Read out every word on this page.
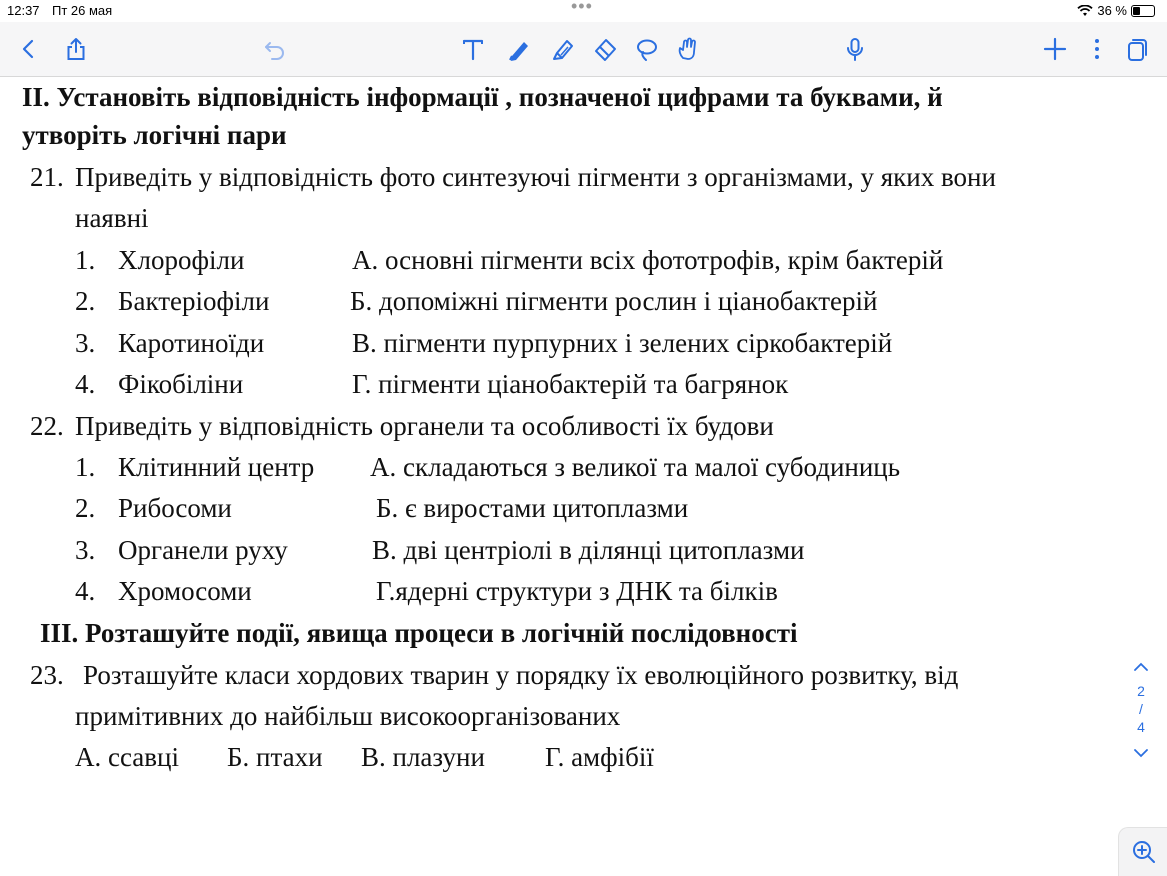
12:37 Пт 26 мая	•••	36 %
II. Установіть відповідність інформації , позначеної цифрами та буквами, й
утворіть логічні пари
21. Приведіть у відповідність фото синтезуючі пігменти з організмами, у яких вони
наявні
1. Хлорофіли	А. основні пігменти всіх фототрофів, крім бактерій
2. Бактеріофіли	Б. допоміжні пігменти рослин і ціанобактерій
3. Каротиноїди	В. пігменти пурпурних і зелених сіркобактерій
4. Фікобіліни	Г. пігменти ціанобактерій та багрянок
22. Приведіть у відповідність органели та особливості їх будови
1. Клітинний центр А. складаються з великої та малої субодиниць
2. Рибосоми	Б. є виростами цитоплазми
3. Органели руху	В. дві центріолі в ділянці цитоплазми
4. Хромосоми	Г.ядерні структури з ДНК та білків
III. Розташуйте події, явища процеси в логічній послідовності
23. Розташуйте класи хордових тварин у порядку їх еволюційного розвитку, від
примітивних до найбільш високоорганізованих
А. ссавці Б. птахи В. плазуни Г. амфібії
2
/
4
